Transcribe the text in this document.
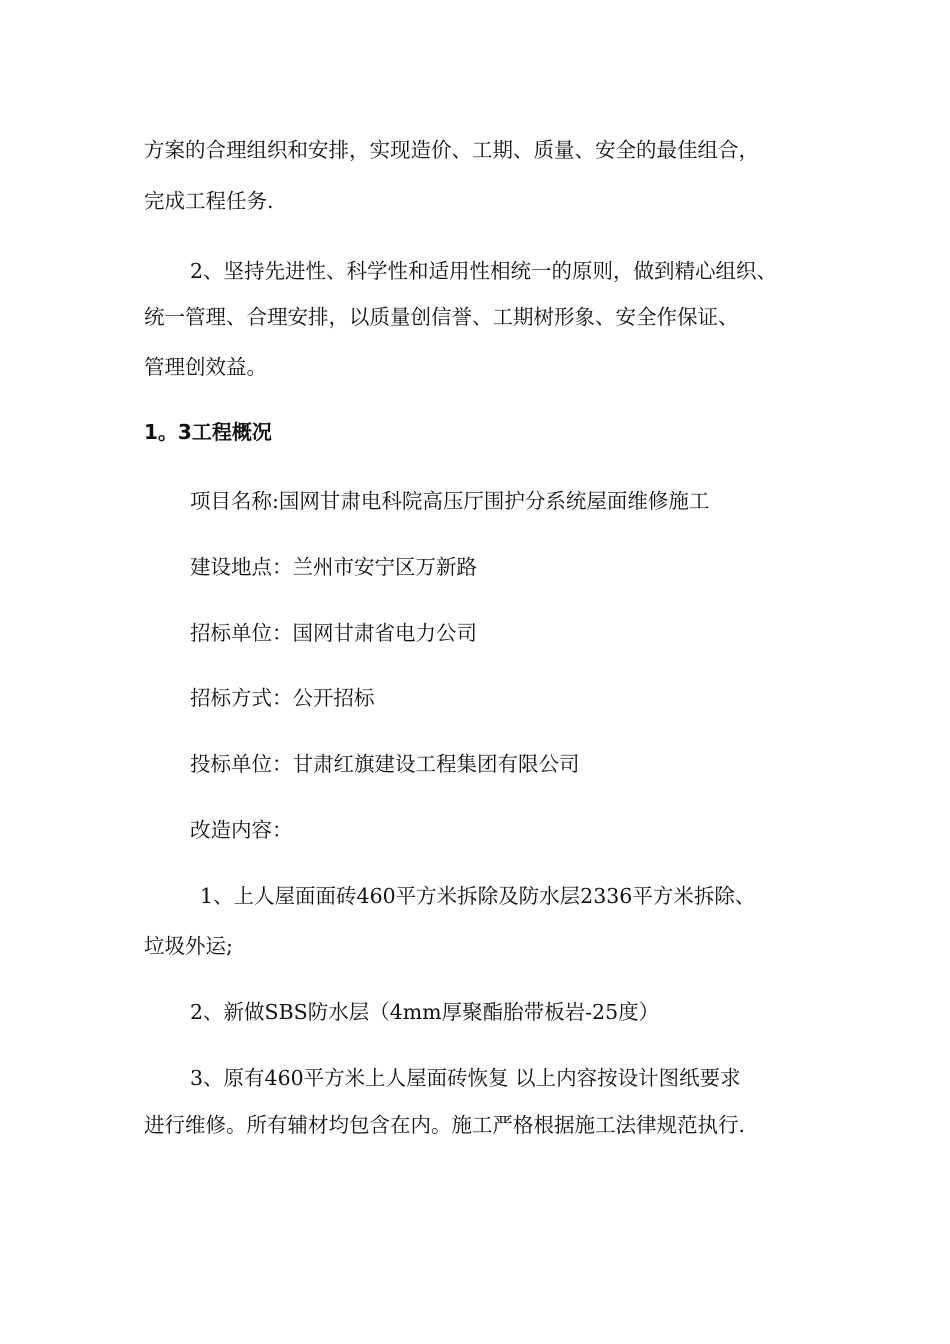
方案的合理组织和安排，实现造价、工期、质量、安全的最佳组合，
完成工程任务.
2、坚持先进性、科学性和适用性相统一的原则，做到精心组织、
统一管理、合理安排，以质量创信誉、工期树形象、安全作保证、
管理创效益。
1。3工程概况
项目名称:国网甘肃电科院高压厅围护分系统屋面维修施工
建设地点：兰州市安宁区万新路
招标单位：国网甘肃省电力公司
招标方式：公开招标
投标单位：甘肃红旗建设工程集团有限公司
改造内容：
1、上人屋面面砖460平方米拆除及防水层2336平方米拆除、
垃圾外运;
2、新做SBS防水层（4mm厚聚酯胎带板岩-25度）
3、原有460平方米上人屋面砖恢复 以上内容按设计图纸要求
进行维修。所有辅材均包含在内。施工严格根据施工法律规范执行.
